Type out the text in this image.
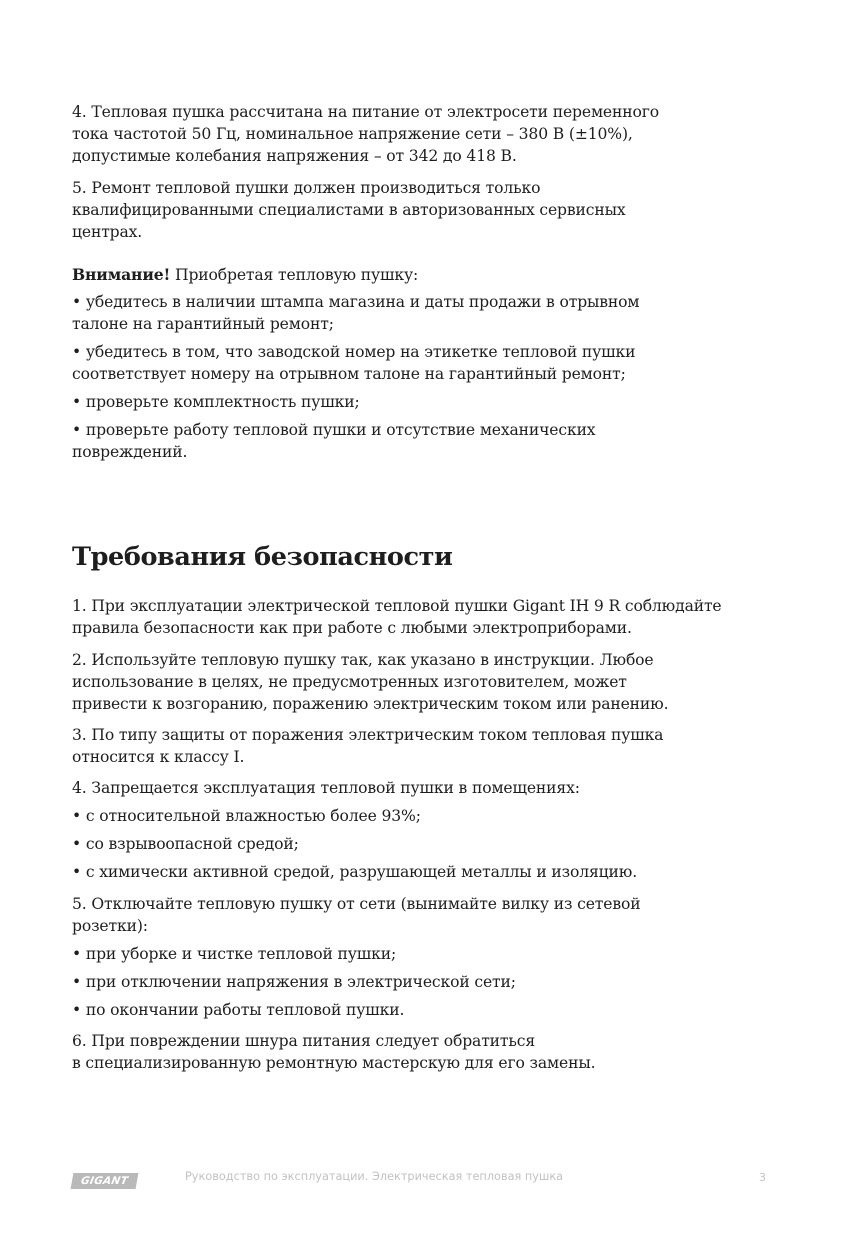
4. Тепловая пушка рассчитана на питание от электросети переменного
тока частотой 50 Гц, номинальное напряжение сети – 380 В (±10%),
допустимые колебания напряжения – от 342 до 418 В.

5. Ремонт тепловой пушки должен производиться только
квалифицированными специалистами в авторизованных сервисных
центрах.

Внимание! Приобретая тепловую пушку:

• убедитесь в наличии штампа магазина и даты продажи в отрывном
талоне на гарантийный ремонт;

• убедитесь в том, что заводской номер на этикетке тепловой пушки
соответствует номеру на отрывном талоне на гарантийный ремонт;

• проверьте комплектность пушки;

• проверьте работу тепловой пушки и отсутствие механических
повреждений.

Требования безопасности

1. При эксплуатации электрической тепловой пушки Gigant IH 9 R соблюдайте
правила безопасности как при работе с любыми электроприборами.

2. Используйте тепловую пушку так, как указано в инструкции. Любое
использование в целях, не предусмотренных изготовителем, может
привести к возгоранию, поражению электрическим током или ранению.

3. По типу защиты от поражения электрическим током тепловая пушка
относится к классу I.

4. Запрещается эксплуатация тепловой пушки в помещениях:

• с относительной влажностью более 93%;

• со взрывоопасной средой;

• с химически активной средой, разрушающей металлы и изоляцию.

5. Отключайте тепловую пушку от сети (вынимайте вилку из сетевой
розетки):

• при уборке и чистке тепловой пушки;

• при отключении напряжения в электрической сети;

• по окончании работы тепловой пушки.

6. При повреждении шнура питания следует обратиться
в специализированную ремонтную мастерскую для его замены.

GIGANT	Руководство по эксплуатации. Электрическая тепловая пушка	3
